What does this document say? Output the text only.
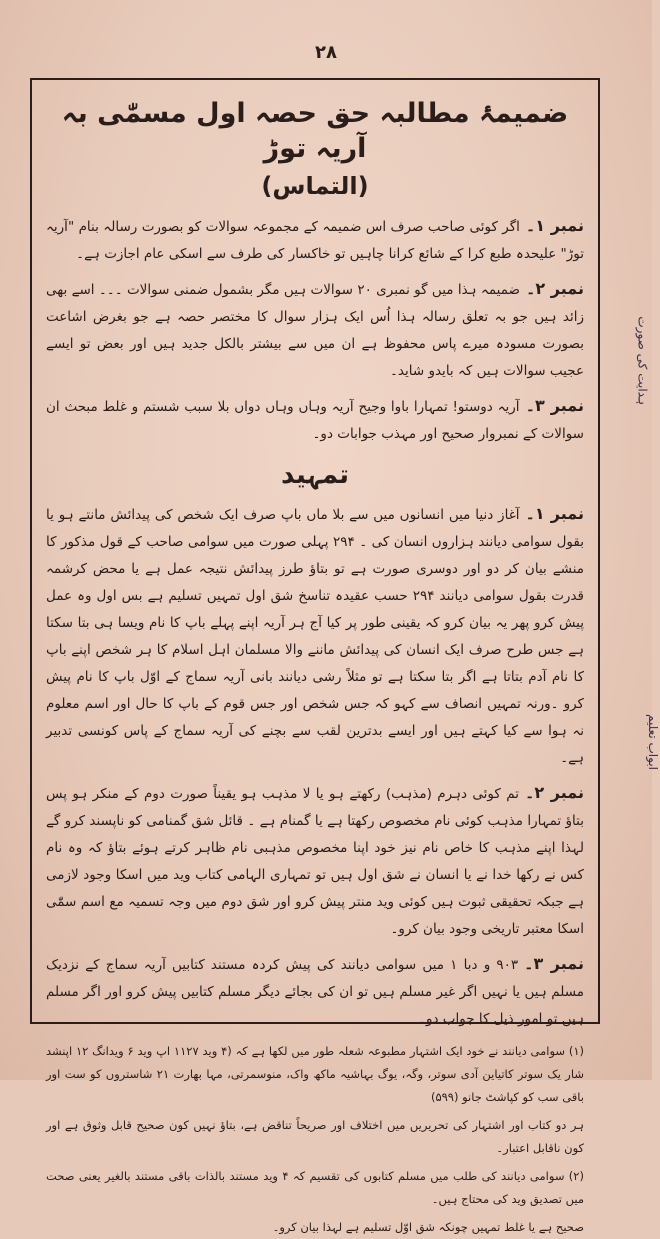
۲۸
ضمیمۂ مطالبہ حق حصہ اول مسمّٰی بہ آریہ توڑ
(التماس)

نمبر ۱۔اگر کوئی صاحب صرف اس ضمیمہ کے مجموعہ سوالات کو بصورت رسالہ بنام "آریہ توڑ" علیحدہ طبع کرا کے شائع کرانا چاہیں تو خاکسار کی طرف سے اسکی عام اجازت ہے۔

نمبر ۲۔ضمیمہ ہذا میں گو نمبری ۲۰ سوالات ہیں مگر بشمول ضمنی سوالات ۔۔۔ اسے بھی زائد ہیں جو بہ تعلق رسالہ ہذا اُس ایک ہزار سوال کا مختصر حصہ ہے جو بغرض اشاعت بصورت مسودہ میرے پاس محفوظ ہے ان میں سے بیشتر بالکل جدید ہیں اور بعض تو ایسے عجیب سوالات ہیں کہ بایدو شاید۔

نمبر ۳۔آریہ دوستو! تمہارا باوا وجیح آریہ وہاں وہاں دواں بلا سبب شستم و غلط مبحث ان سوالات کے نمبروار صحیح اور مہذب جوابات دو۔

تمہید

نمبر ۱۔آغاز دنیا میں انسانوں میں سے بلا ماں باپ صرف ایک شخص کی پیدائش مانتے ہو یا بقول سوامی دیانند ہزاروں انسان کی ۔ ۲۹۴ پہلی صورت میں سوامی صاحب کے قول مذکور کا منشے بیان کر دو اور دوسری صورت ہے تو بتاؤ طرز پیدائش نتیجہ عمل ہے یا محض کرشمہ قدرت بقول سوامی دیانند ۲۹۴ حسب عقیدہ تناسخ شق اول تمہیں تسلیم ہے بس اول وہ عمل پیش کرو پھر یہ بیان کرو کہ یقینی طور پر کیا آج ہر آریہ اپنے پہلے باپ کا نام ویسا ہی بتا سکتا ہے جس طرح صرف ایک انسان کی پیدائش ماننے والا مسلمان اہل اسلام کا ہر شخص اپنے باپ کا نام آدم بتاتا ہے اگر بتا سکتا ہے تو مثلاً رشی دیانند بانی آریہ سماج کے اوّل باپ کا نام پیش کرو ۔ورنہ تمہیں انصاف سے کہو کہ جس شخص اور جس قوم کے باپ کا حال اور اسم معلوم نہ ہوا سے کیا کہتے ہیں اور ایسے بدترین لقب سے بچنے کی آریہ سماج کے پاس کونسی تدبیر ہے۔

نمبر ۲۔تم کوئی دہرم (مذہب) رکھتے ہو یا لا مذہب ہو یقیناً صورت دوم کے منکر ہو پس بتاؤ تمہارا مذہب کوئی نام مخصوص رکھتا ہے یا گمنام ہے ۔ قائل شق گمنامی کو ناپسند کرو گے لہذا اپنے مذہب کا خاص نام نیز خود اپنا مخصوص مذہبی نام ظاہر کرتے ہوئے بتاؤ کہ وہ نام کس نے رکھا خدا نے یا انسان نے شق اول ہیں تو تمہاری الہامی کتاب وید میں اسکا وجود لازمی ہے جبکہ تحقیقی ثبوت ہیں کوئی وید منتر پیش کرو اور شق دوم میں وجہ تسمیہ مع اسم سمّٰی اسکا معتبر تاریخی وجود بیان کرو۔

نمبر ۳۔۹۰۳ و دبا ۱ میں سوامی دیانند کی پیش کردہ مستند کتابیں آریہ سماج کے نزدیک مسلم ہیں یا نہیں اگر غیر مسلم ہیں تو ان کی بجائے دیگر مسلم کتابیں پیش کرو اور اگر مسلم ہیں تو امور ذیل کا جواب دو۔

(۱) سوامی دیانند نے خود ایک اشتہار مطبوعہ شعلہ طور میں لکھا ہے کہ (۴ وید ۱۱۲۷ اپ وید ۶ ویدانگ ۱۲ اپنشد شار یک سوتر کاتیاین آدی سوتر، وگہ، یوگ بہاشیہ ماکھ واک، منوسمرتی، مہا بھارت ۲۱ شاستروں کو ست اور باقی سب کو کپاشٹ جانو (۵۹۹)

ہر دو کتاب اور اشتہار کی تحریریں میں اختلاف اور صریحاً تناقض ہے، بتاؤ نہیں کون صحیح قابل وثوق ہے اور کون ناقابل اعتبار۔

(۲) سوامی دیانند کی طلب میں مسلم کتابوں کی تقسیم کہ ۴ وید مستند بالذات باقی مستند بالغیر یعنی صحت میں تصدیق وید کی محتاج ہیں۔

صحیح ہے یا غلط تمہیں چونکہ شق اوّل تسلیم ہے لہذا بیان کرو۔

ہدایت کی صورت
ابواب تعلیم
